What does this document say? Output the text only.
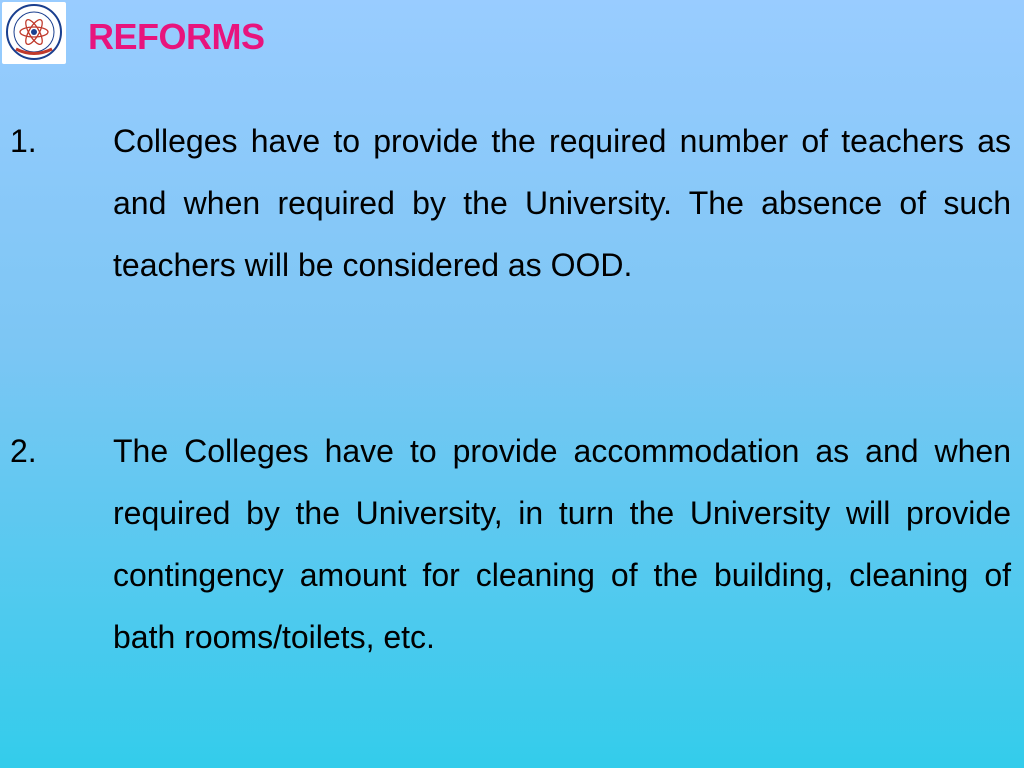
REFORMS
1. Colleges have to provide the required number of teachers as and when required by the University. The absence of such teachers will be considered as OOD.

2. The Colleges have to provide accommodation as and when required by the University, in turn the University will provide contingency amount for cleaning of the building, cleaning of bath rooms/toilets, etc.
